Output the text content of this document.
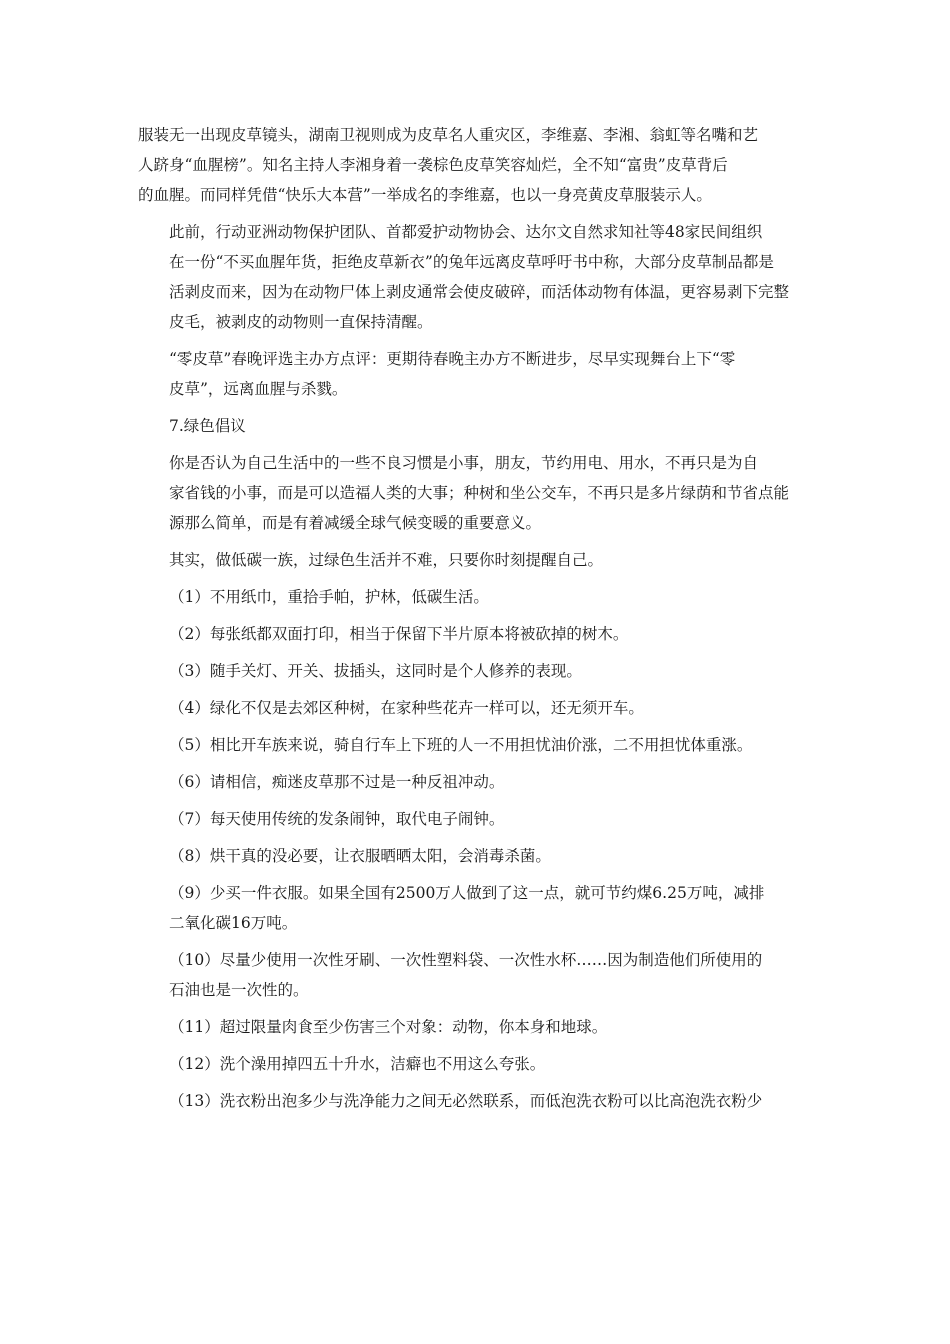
服装无一出现皮草镜头，湖南卫视则成为皮草名人重灾区，李维嘉、李湘、翁虹等名嘴和艺
人跻身“血腥榜”。知名主持人李湘身着一袭棕色皮草笑容灿烂，全不知“富贵”皮草背后
的血腥。而同样凭借“快乐大本营”一举成名的李维嘉，也以一身亮黄皮草服装示人。

此前，行动亚洲动物保护团队、首都爱护动物协会、达尔文自然求知社等48家民间组织
在一份“不买血腥年货，拒绝皮草新衣”的兔年远离皮草呼吁书中称，大部分皮草制品都是
活剥皮而来，因为在动物尸体上剥皮通常会使皮破碎，而活体动物有体温，更容易剥下完整
皮毛，被剥皮的动物则一直保持清醒。

“零皮草”春晚评选主办方点评：更期待春晚主办方不断进步，尽早实现舞台上下“零
皮草”，远离血腥与杀戮。

7.绿色倡议

你是否认为自己生活中的一些不良习惯是小事，朋友，节约用电、用水，不再只是为自
家省钱的小事，而是可以造福人类的大事；种树和坐公交车，不再只是多片绿荫和节省点能
源那么简单，而是有着减缓全球气候变暖的重要意义。

其实，做低碳一族，过绿色生活并不难，只要你时刻提醒自己。

（1）不用纸巾，重拾手帕，护林，低碳生活。

（2）每张纸都双面打印，相当于保留下半片原本将被砍掉的树木。

（3）随手关灯、开关、拔插头，这同时是个人修养的表现。

（4）绿化不仅是去郊区种树，在家种些花卉一样可以，还无须开车。

（5）相比开车族来说，骑自行车上下班的人一不用担忧油价涨，二不用担忧体重涨。

（6）请相信，痴迷皮草那不过是一种反祖冲动。

（7）每天使用传统的发条闹钟，取代电子闹钟。

（8）烘干真的没必要，让衣服晒晒太阳，会消毒杀菌。

（9）少买一件衣服。如果全国有2500万人做到了这一点，就可节约煤6.25万吨，减排
二氧化碳16万吨。

（10）尽量少使用一次性牙刷、一次性塑料袋、一次性水杯……因为制造他们所使用的
石油也是一次性的。

（11）超过限量肉食至少伤害三个对象：动物，你本身和地球。

（12）洗个澡用掉四五十升水，洁癖也不用这么夸张。

（13）洗衣粉出泡多少与洗净能力之间无必然联系，而低泡洗衣粉可以比高泡洗衣粉少
